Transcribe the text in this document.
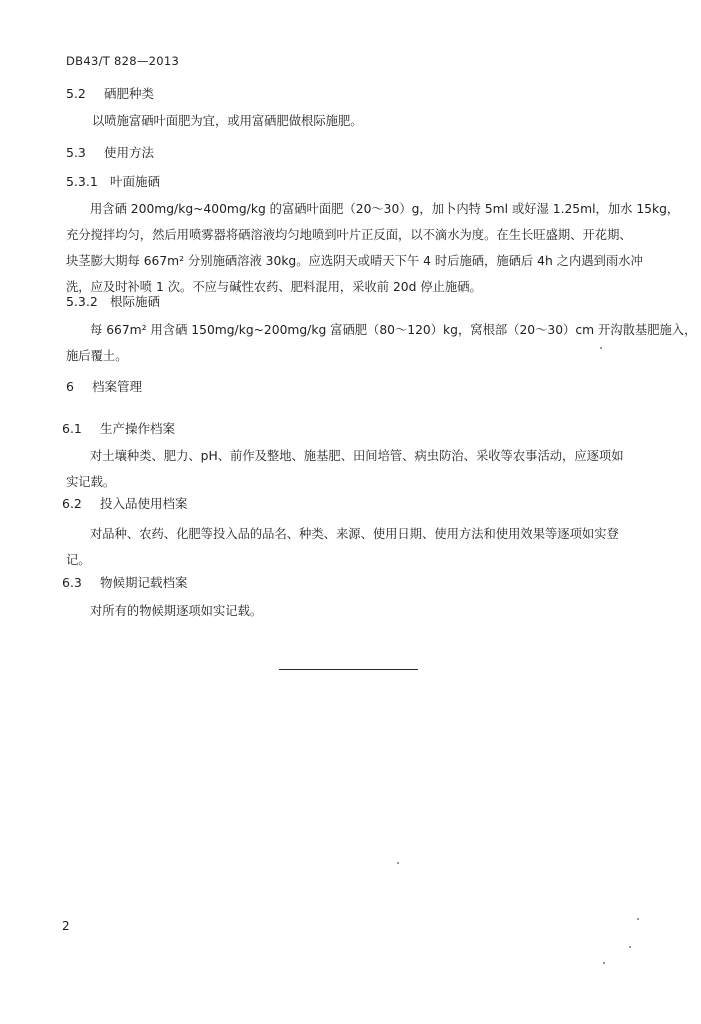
DB43/T 828—2013
5.2 硒肥种类
以喷施富硒叶面肥为宜，或用富硒肥做根际施肥。
5.3 使用方法
5.3.1 叶面施硒
用含硒 200mg/kg~400mg/kg 的富硒叶面肥（20～30）g，加卜内特 5ml 或好湿 1.25ml，加水 15kg，
充分搅拌均匀，然后用喷雾器将硒溶液均匀地喷到叶片正反面，以不滴水为度。在生长旺盛期、开花期、
块茎膨大期每 667m² 分别施硒溶液 30kg。应选阴天或晴天下午 4 时后施硒，施硒后 4h 之内遇到雨水冲
洗，应及时补喷 1 次。不应与碱性农药、肥料混用，采收前 20d 停止施硒。
5.3.2 根际施硒
每 667m² 用含硒 150mg/kg~200mg/kg 富硒肥（80～120）kg，窝根部（20～30）cm 开沟散基肥施入，
施后覆土。
6 档案管理
6.1 生产操作档案
对土壤种类、肥力、pH、前作及整地、施基肥、田间培管、病虫防治、采收等农事活动，应逐项如
实记载。
6.2 投入品使用档案
对品种、农药、化肥等投入品的品名、种类、来源、使用日期、使用方法和使用效果等逐项如实登
记。
6.3 物候期记载档案
对所有的物候期逐项如实记载。
2
